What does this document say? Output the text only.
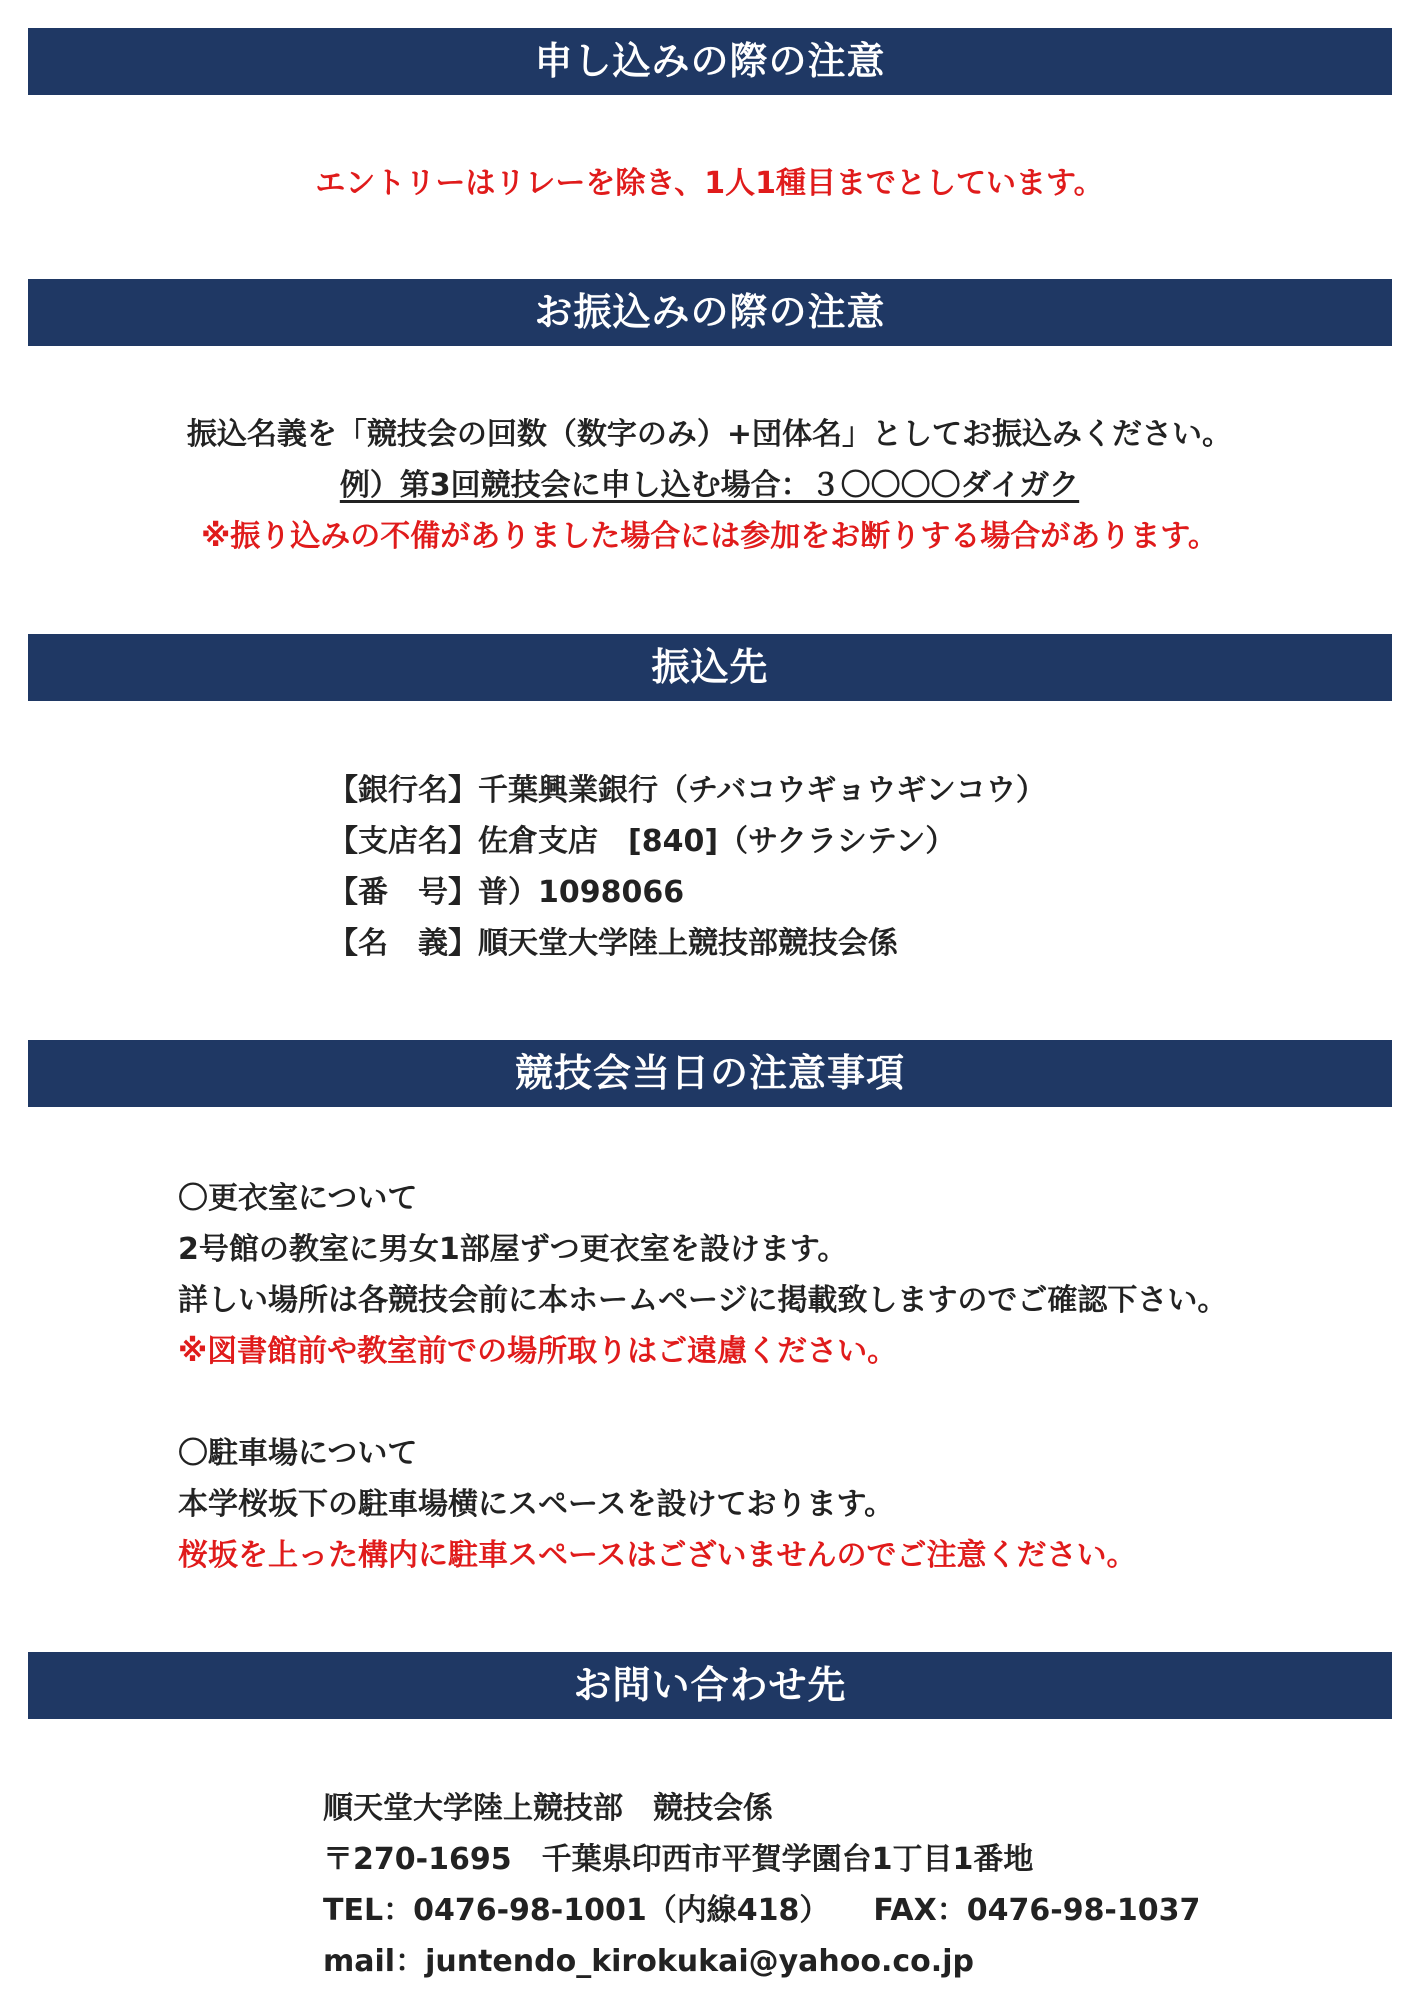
申し込みの際の注意
エントリーはリレーを除き、1人1種目までとしています。
お振込みの際の注意
振込名義を「競技会の回数（数字のみ）+団体名」としてお振込みください。
例）第3回競技会に申し込む場合：３〇〇〇〇ダイガク
※振り込みの不備がありました場合には参加をお断りする場合があります。
振込先
【銀行名】千葉興業銀行（チバコウギョウギンコウ）
【支店名】佐倉支店　[840]（サクラシテン）
【番　号】普）1098066
【名　義】順天堂大学陸上競技部競技会係
競技会当日の注意事項
〇更衣室について
2号館の教室に男女1部屋ずつ更衣室を設けます。
詳しい場所は各競技会前に本ホームページに掲載致しますのでご確認下さい。
※図書館前や教室前での場所取りはご遠慮ください。
〇駐車場について
本学桜坂下の駐車場横にスペースを設けております。
桜坂を上った構内に駐車スペースはございませんのでご注意ください。
お問い合わせ先
順天堂大学陸上競技部　競技会係
〒270-1695　千葉県印西市平賀学園台1丁目1番地
TEL：0476-98-1001（内線418） FAX：0476-98-1037
mail：juntendo_kirokukai@yahoo.co.jp
